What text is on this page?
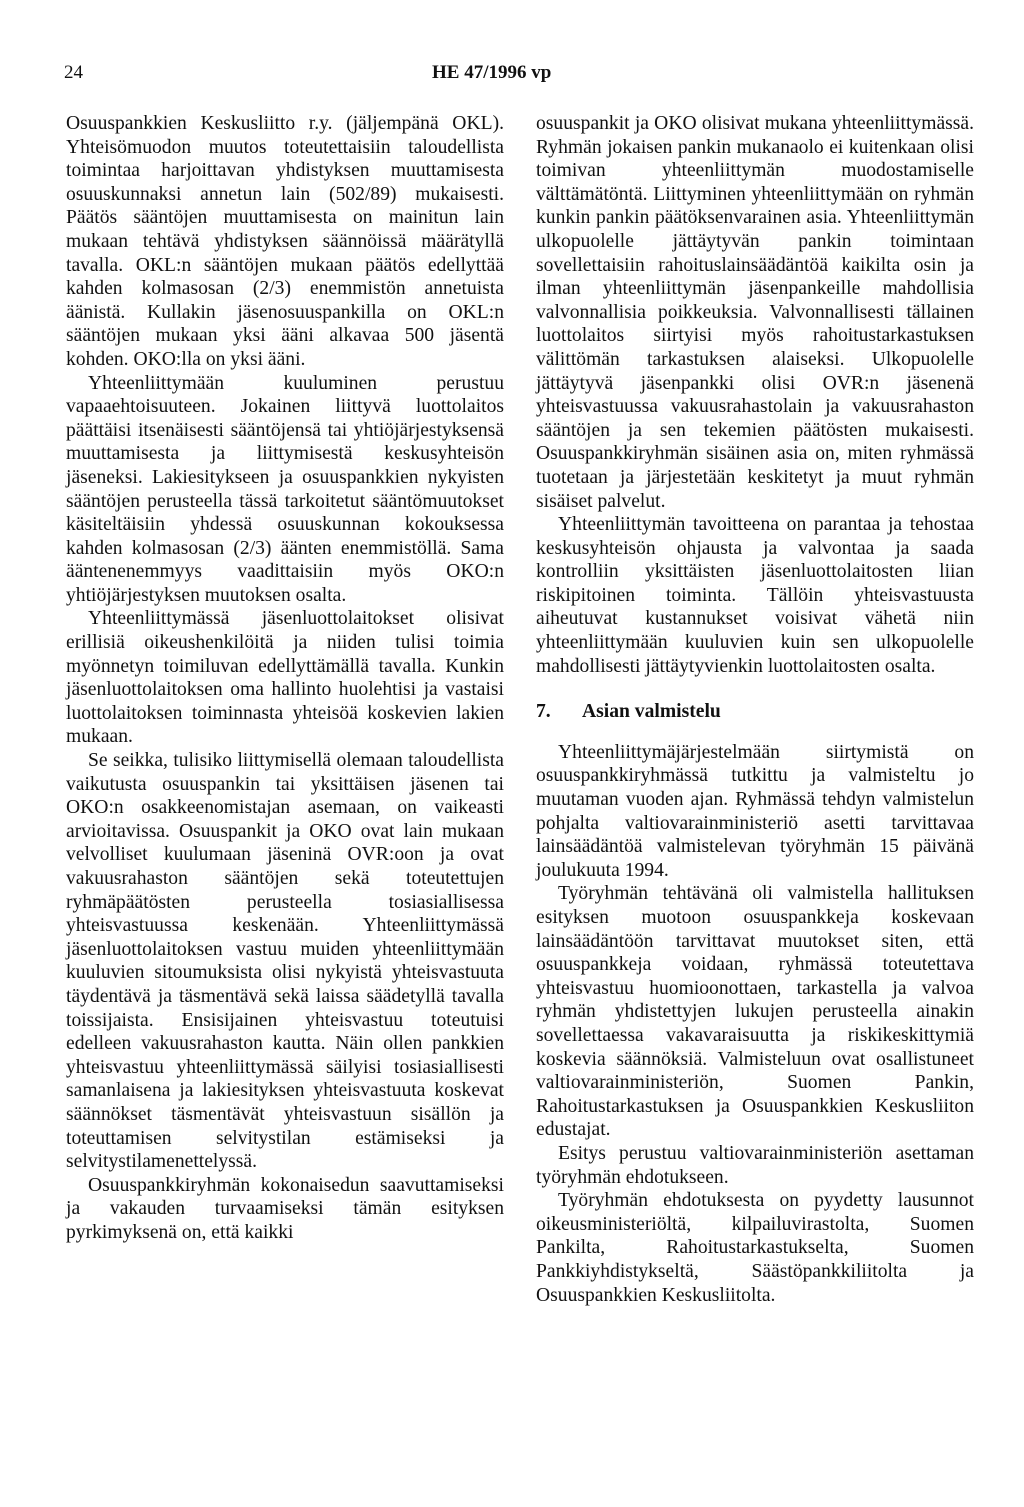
24	HE 47/1996 vp

Osuuspankkien Keskusliitto r.y. (jäljempänä OKL). Yhteisömuodon muutos toteutettaisiin taloudellista toimintaa harjoittavan yhdistyksen muuttamisesta osuuskunnaksi annetun lain (502/89) mukaisesti. Päätös sääntöjen muuttamisesta on mainitun lain mukaan tehtävä yhdistyksen säännöissä määrätyllä tavalla. OKL:n sääntöjen mukaan päätös edellyttää kahden kolmasosan (2/3) enemmistön annetuista äänistä. Kullakin jäsenosuuspankilla on OKL:n sääntöjen mukaan yksi ääni alkavaa 500 jäsentä kohden. OKO:lla on yksi ääni.

Yhteenliittymään kuuluminen perustuu vapaaehtoisuuteen. Jokainen liittyvä luottolaitos päättäisi itsenäisesti sääntöjensä tai yhtiöjärjestyksensä muuttamisesta ja liittymisestä keskusyhteisön jäseneksi. Lakiesitykseen ja osuuspankkien nykyisten sääntöjen perusteella tässä tarkoitetut sääntömuutokset käsiteltäisiin yhdessä osuuskunnan kokouksessa kahden kolmasosan (2/3) äänten enemmistöllä. Sama ääntenenemmyys vaadittaisiin myös OKO:n yhtiöjärjestyksen muutoksen osalta.

Yhteenliittymässä jäsenluottolaitokset olisivat erillisiä oikeushenkilöitä ja niiden tulisi toimia myönnetyn toimiluvan edellyttämällä tavalla. Kunkin jäsenluottolaitoksen oma hallinto huolehtisi ja vastaisi luottolaitoksen toiminnasta yhteisöä koskevien lakien mukaan.

Se seikka, tulisiko liittymisellä olemaan taloudellista vaikutusta osuuspankin tai yksittäisen jäsenen tai OKO:n osakkeenomistajan asemaan, on vaikeasti arvioitavissa. Osuuspankit ja OKO ovat lain mukaan velvolliset kuulumaan jäseninä OVR:oon ja ovat vakuusrahaston sääntöjen sekä toteutettujen ryhmäpäätösten perusteella tosiasiallisessa yhteisvastuussa keskenään. Yhteenliittymässä jäsenluottolaitoksen vastuu muiden yhteenliittymään kuuluvien sitoumuksista olisi nykyistä yhteisvastuuta täydentävä ja täsmentävä sekä laissa säädetyllä tavalla toissijaista. Ensisijainen yhteisvastuu toteutuisi edelleen vakuusrahaston kautta. Näin ollen pankkien yhteisvastuu yhteenliittymässä säilyisi tosiasiallisesti samanlaisena ja lakiesityksen yhteisvastuuta koskevat säännökset täsmentävät yhteisvastuun sisällön ja toteuttamisen selvitystilan estämiseksi ja selvitystilamenettelyssä.

Osuuspankkiryhmän kokonaisedun saavuttamiseksi ja vakauden turvaamiseksi tämän esityksen pyrkimyksenä on, että kaikki

osuuspankit ja OKO olisivat mukana yhteenliittymässä. Ryhmän jokaisen pankin mukanaolo ei kuitenkaan olisi toimivan yhteenliittymän muodostamiselle välttämätöntä. Liittyminen yhteenliittymään on ryhmän kunkin pankin päätöksenvarainen asia. Yhteenliittymän ulkopuolelle jättäytyvän pankin toimintaan sovellettaisiin rahoituslainsäädäntöä kaikilta osin ja ilman yhteenliittymän jäsenpankeille mahdollisia valvonnallisia poikkeuksia. Valvonnallisesti tällainen luottolaitos siirtyisi myös rahoitustarkastuksen välittömän tarkastuksen alaiseksi. Ulkopuolelle jättäytyvä jäsenpankki olisi OVR:n jäsenenä yhteisvastuussa vakuusrahastolain ja vakuusrahaston sääntöjen ja sen tekemien päätösten mukaisesti. Osuuspankkiryhmän sisäinen asia on, miten ryhmässä tuotetaan ja järjestetään keskitetyt ja muut ryhmän sisäiset palvelut.

Yhteenliittymän tavoitteena on parantaa ja tehostaa keskusyhteisön ohjausta ja valvontaa ja saada kontrolliin yksittäisten jäsenluottolaitosten liian riskipitoinen toiminta. Tällöin yhteisvastuusta aiheutuvat kustannukset voisivat vähetä niin yhteenliittymään kuuluvien kuin sen ulkopuolelle mahdollisesti jättäytyvienkin luottolaitosten osalta.

7. Asian valmistelu

Yhteenliittymäjärjestelmään siirtymistä on osuuspankkiryhmässä tutkittu ja valmisteltu jo muutaman vuoden ajan. Ryhmässä tehdyn valmistelun pohjalta valtiovarainministeriö asetti tarvittavaa lainsäädäntöä valmistelevan työryhmän 15 päivänä joulukuuta 1994.

Työryhmän tehtävänä oli valmistella hallituksen esityksen muotoon osuuspankkeja koskevaan lainsäädäntöön tarvittavat muutokset siten, että osuuspankkeja voidaan, ryhmässä toteutettava yhteisvastuu huomioonottaen, tarkastella ja valvoa ryhmän yhdistettyjen lukujen perusteella ainakin sovellettaessa vakavaraisuutta ja riskikeskittymiä koskevia säännöksiä. Valmisteluun ovat osallistuneet valtiovarainministeriön, Suomen Pankin, Rahoitustarkastuksen ja Osuuspankkien Keskusliiton edustajat.

Esitys perustuu valtiovarainministeriön asettaman työryhmän ehdotukseen.

Työryhmän ehdotuksesta on pyydetty lausunnot oikeusministeriöltä, kilpailuvirastolta, Suomen Pankilta, Rahoitustarkastukselta, Suomen Pankkiyhdistykseltä, Säästöpankkiliitolta ja Osuuspankkien Keskusliitolta.
